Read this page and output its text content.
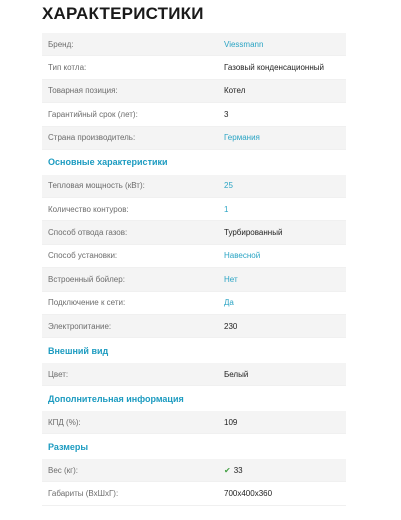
ХАРАКТЕРИСТИКИ
Бренд:	Viessmann
Тип котла:	Газовый конденсационный
Товарная позиция:	Котел
Гарантийный срок (лет):	3
Страна производитель:	Германия
Основные характеристики
Тепловая мощность (кВт):	25
Количество контуров:	1
Способ отвода газов:	Турбированный
Способ установки:	Навесной
Встроенный бойлер:	Нет
Подключение к сети:	Да
Электропитание:	230
Внешний вид
Цвет:	Белый
Дополнительная информация
КПД (%):	109
Размеры
Вес (кг):	✔ 33
Габариты (ВхШхГ):	700x400x360
